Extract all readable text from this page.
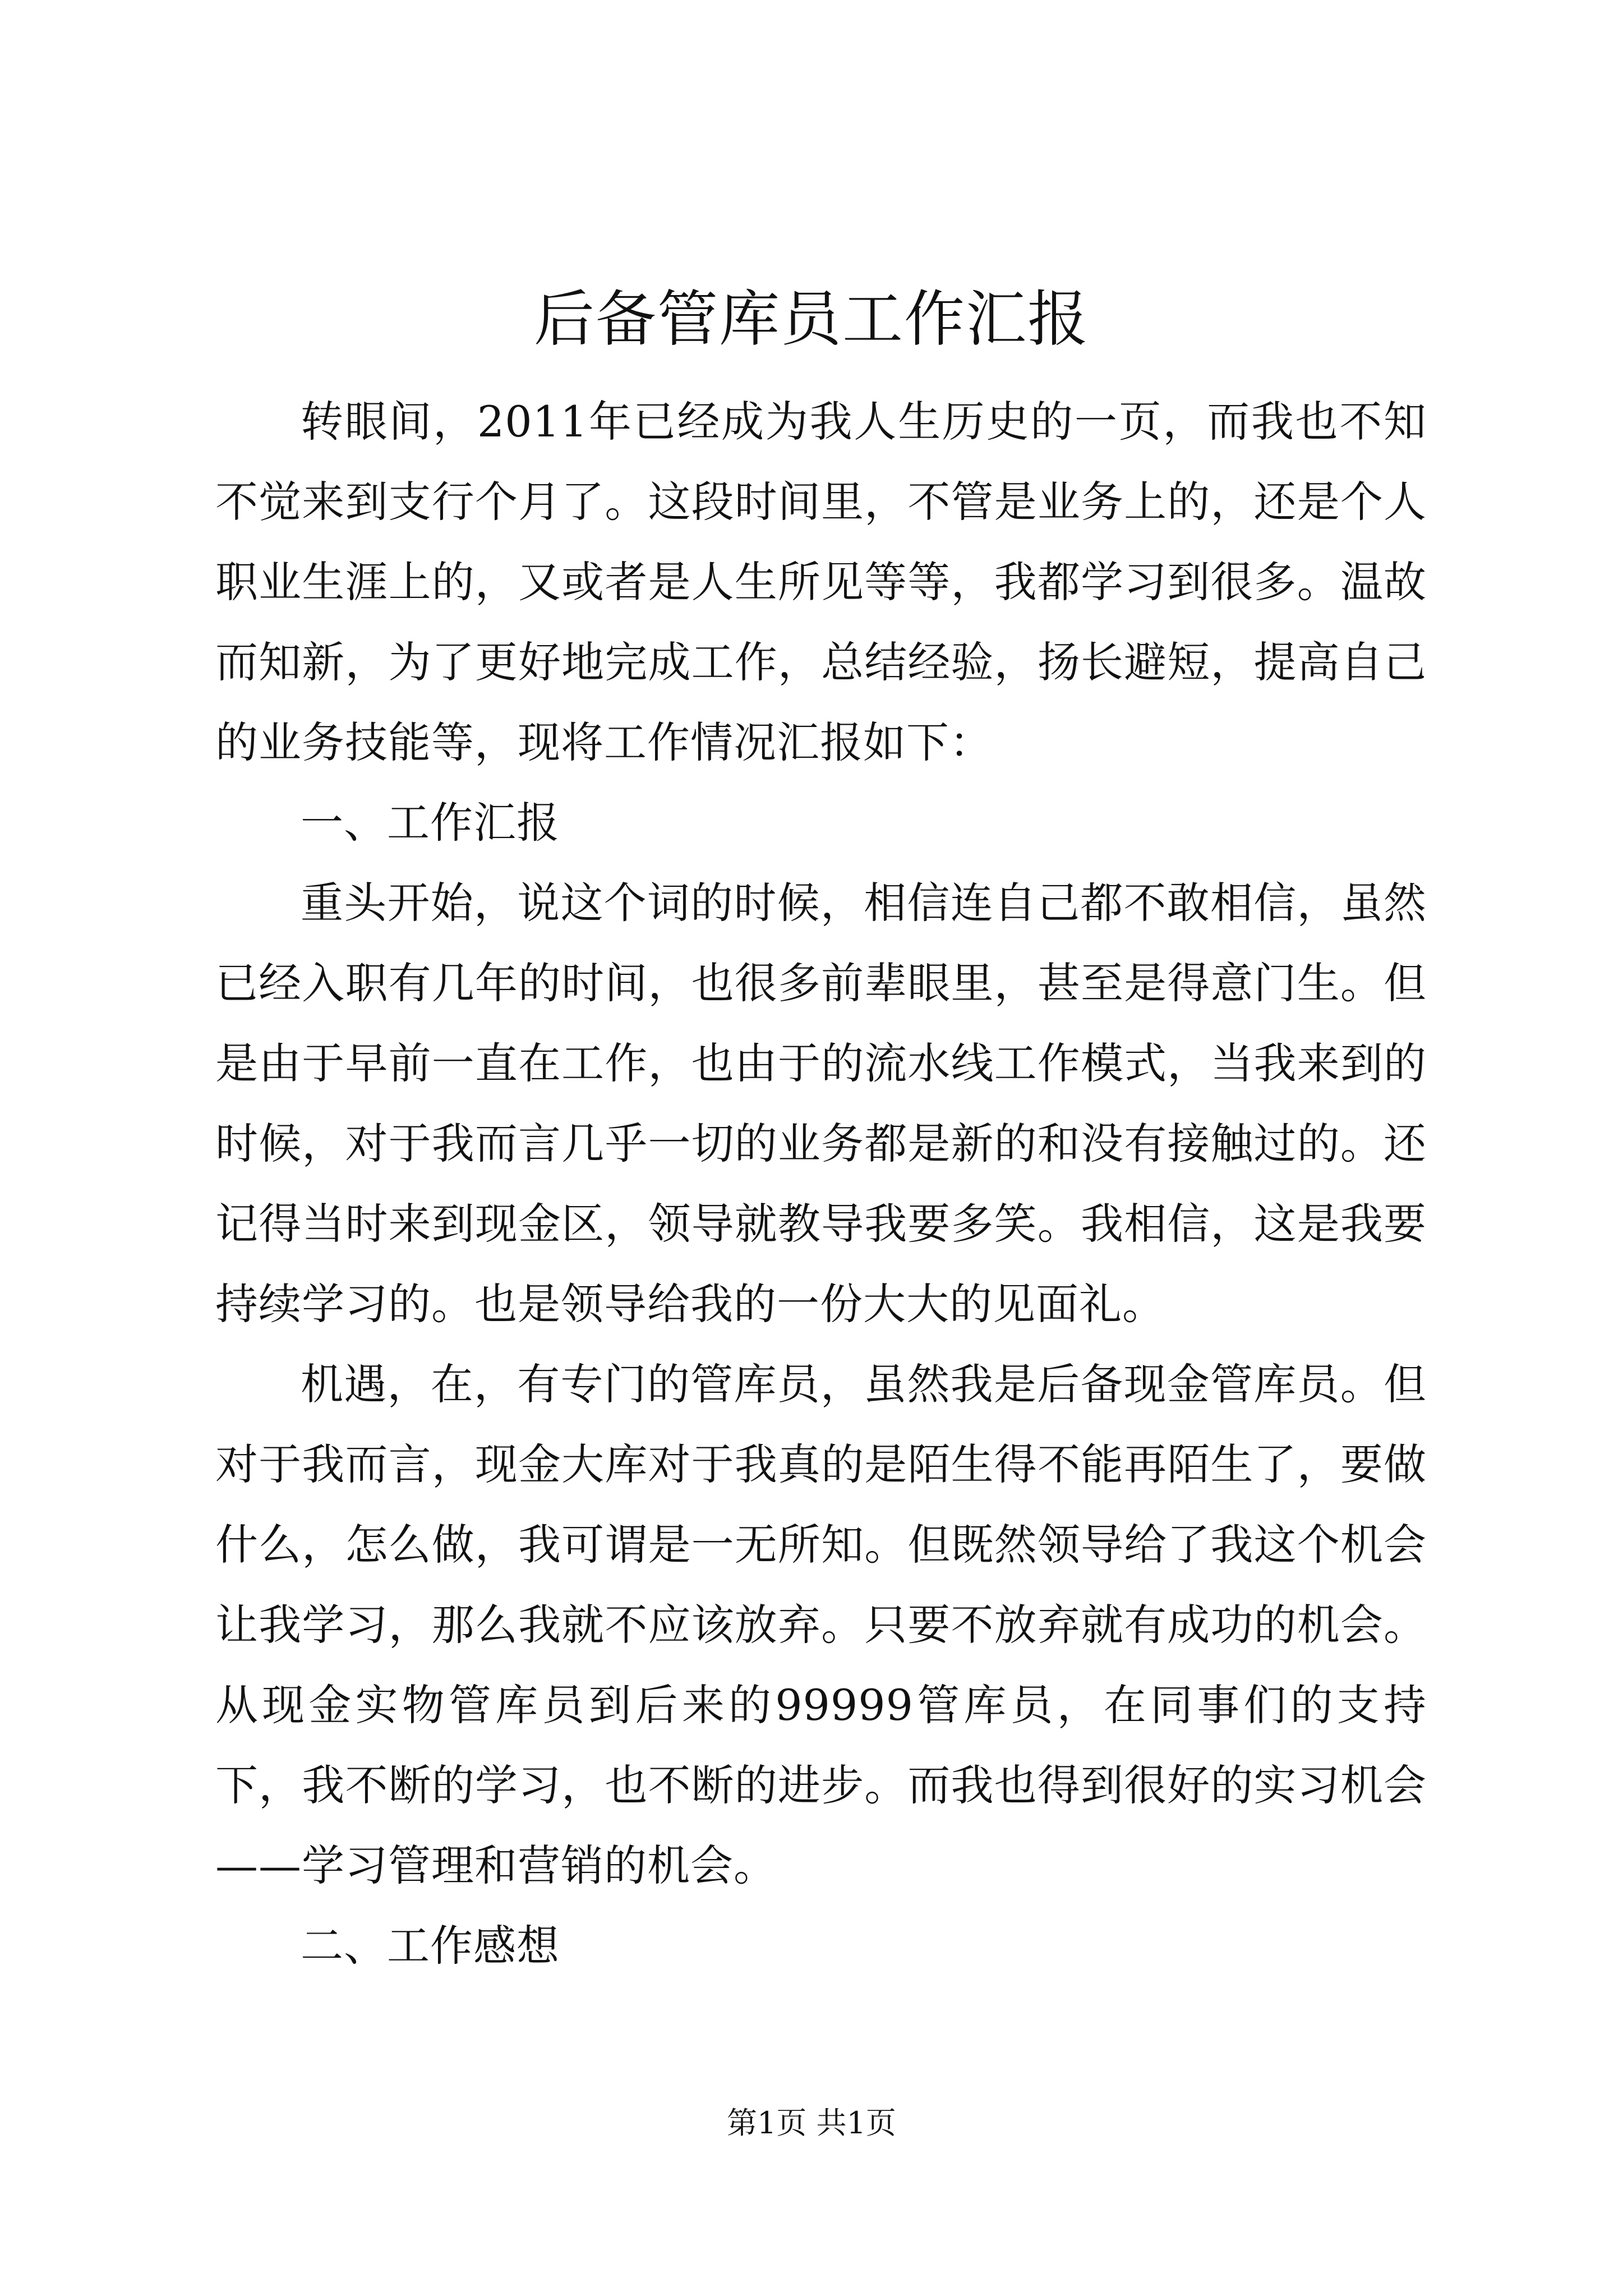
后备管库员工作汇报

转眼间，2011年已经成为我人生历史的一页，而我也不知不觉来到支行个月了。这段时间里，不管是业务上的，还是个人职业生涯上的，又或者是人生所见等等，我都学习到很多。温故而知新，为了更好地完成工作，总结经验，扬长避短，提高自己的业务技能等，现将工作情况汇报如下：

一、工作汇报

重头开始，说这个词的时候，相信连自己都不敢相信，虽然已经入职有几年的时间，也很多前辈眼里，甚至是得意门生。但是由于早前一直在工作，也由于的流水线工作模式，当我来到的时候，对于我而言几乎一切的业务都是新的和没有接触过的。还记得当时来到现金区，领导就教导我要多笑。我相信，这是我要持续学习的。也是领导给我的一份大大的见面礼。

机遇，在，有专门的管库员，虽然我是后备现金管库员。但对于我而言，现金大库对于我真的是陌生得不能再陌生了，要做什么，怎么做，我可谓是一无所知。但既然领导给了我这个机会让我学习，那么我就不应该放弃。只要不放弃就有成功的机会。从现金实物管库员到后来的99999管库员，在同事们的支持下，我不断的学习，也不断的进步。而我也得到很好的实习机会——学习管理和营销的机会。

二、工作感想

第1页 共1页
